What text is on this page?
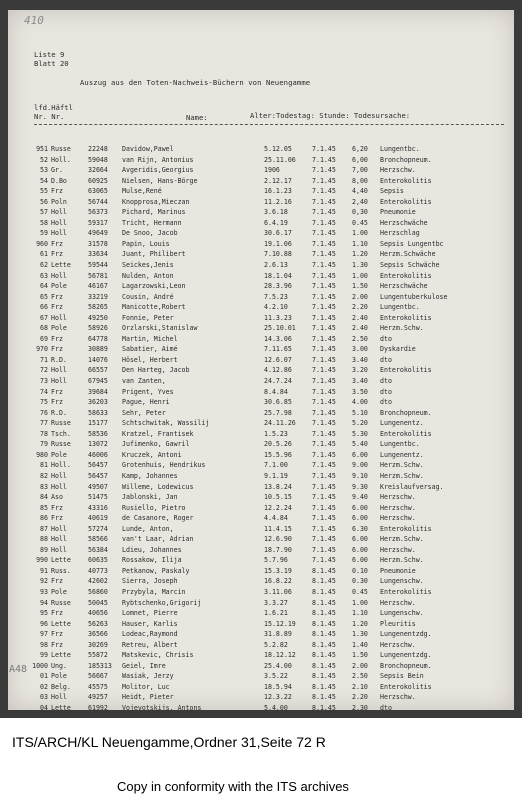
410
A48
Liste 9
Blatt 20
Auszug aus den Toten-Nachweis-Büchern von Neuengamme
lfd.Häftl
Nr. Nr.	Name:	Alter:Todestag: Stunde: Todesursache:
951 Russe	22248 Davidow,Pawel	5.12.05	7.1.45 6,20 Lungentbc.
52 Holl.	59048 van Rijn, Antonius	25.11.06 7.1.45 6,00 Bronchopneum.
53 Gr.	32664 Avgeridis,Georgius	1906	7.1.45 7,00 Herzschw.
54 D.Bo	60925 Nielsen, Hans-Börge	2.12.17	7.1.45 8,00 Enterokolitis
55 Frz	63065 Mulse,René	16.1.23	7.1.45 4,40 Sepsis
56 Poln	56744 Knopprosa,Mieczan	11.2.16	7.1.45 2,40 Enterokolitis
57 Holl	56373 Pichard, Marinus	3.6.18	7.1.45 0,30 Pneumonie
58 Holl	59317 Tricht, Hermann	6.4.19	7.1.45 0.45 Herzschwäche
59 Holl	49649 De Snoo, Jacob	30.6.17	7.1.45 1.00 Herzschlag
960 Frz	31578 Papin, Louis	19.1.06	7.1.45 1.10 Sepsis Lungentbc
61 Frz	33634 Juant, Philibert	7.10.88	7.1.45 1.20 Herzm.Schwäche
62 Lette	59544 Seickes,Jenis	2.6.13	7.1.45 1.30 Sepsis Schwäche
63 Holl	56781 Nulden, Anton	18.1.04	7.1.45 1.00 Enterokolitis
64 Pole	46167 Lagarzowski,Leon	28.3.96	7.1.45 1.50 Herzschwäche
65 Frz	33219 Cousin, André	7.5.23	7.1.45 2.00 Lungentuberkulose
66 Frz	58265 Manicotte,Robert	4.2.10	7.1.45 2.20 Lungentbc.
67 Holl	49250 Fonnie, Peter	11.3.23	7.1.45 2.40 Enterokolitis
68 Pole	58926 Orzlarski,Stanislaw	25.10.01 7.1.45 2.40 Herzm.Schw.
69 Frz	64778 Martin, Michel	14.3.06	7.1.45 2.50 dto
970 Frz	30889 Sabatier, Aimé	7.11.65	7.1.45 3.00 Dyskardie
71 R.D.	14076 Hösel, Herbert	12.6.07	7.1.45 3.40 dto
72 Holl	66557 Den Harteg, Jacob	4.12.86	7.1.45 3.20 Enterokolitis
73 Holl	67945 van Zanten,	24.7.24	7.1.45 3.40 dto
74 Frz	39684 Prigent, Yves	8.4.84	7.1.45 3.50 dto
75 Frz	36203 Pague, Henri	30.6.85	7.1.45 4.00 dto
76 R.D.	58633 Sehr, Peter	25.7.98	7.1.45 5.10 Bronchopneum.
77 Russe	15177 Schtschwitak, Wassilij	24.11.26 7.1.45 5.20 Lungenentz.
78 Tsch.	58536 Kratzel, Frantisek	1.5.23	7.1.45 5.30 Enterokolitis
79 Russe	13072 Jufimenko, Gawril	20.5.26	7.1.45 5.40 Lungentbc.
980 Pole	46006 Kruczek, Antoni	15.5.96	7.1.45 6.00 Lungenentz.
81 Holl.	56457 Grotenhuis, Hendrikus	7.1.00	7.1.45 9.00 Herzm.Schw.
82 Holl	56457 Kamp, Johannes	9.1.19	7.1.45 9.10 Herzm.Schw.
83 Holl	49507 Willeme, Lodewicus	13.8.24	7.1.45 9.30 Kreislaufversag.
84 Aso	51475 Jablonski, Jan	10.5.15	7.1.45 9.40 Herzschw.
85 Frz	43316 Rusiello, Pietro	12.2.24	7.1.45 6.00 Herzschw.
86 Frz	40619 de Casanore, Roger	4.4.84	7.1.45 6.00 Herzschw.
87 Holl	57274 Lunde, Anton,	11.4.15	7.1.45 6.30 Enterokolitis
88 Holl	58566 van't Laar, Adrian	12.6.90	7.1.45 6.00 Herzm.Schw.
89 Holl	56384 Ldieu, Johannes	18.7.90	7.1.45 6.00 Herzschw.
990 Lette	60635 Rossakow, Ilija	5.7.96	7.1.45 6.00 Herzm.Schw.
91 Russ.	40773 Petkanow, Paskaly	15.3.19	8.1.45 0.10 Pneumonie
92 Frz	42602 Sierra, Joseph	16.8.22	8.1.45 0.30 Lungenschw.
93 Pole	56860 Przybyla, Marcin	3.11.06	8.1.45 0.45 Enterokolitis
94 Russe	50045 Rybtschenko,Grigorij	3.3.27	8.1.45 1.00 Herzschw.
95 Frz	40656 Lomnet, Pierre	1.6.21	8.1.45 1.10 Lungenschw.
96 Lette	56263 Hauser, Karlis	15.12.19 8.1.45 1.20 Pleuritis
97 Frz	36566 Lodeac,Raymond	31.8.89	8.1.45 1.30 Lungenentzdg.
98 Frz	30269 Retreu, Albert	5.2.82	8.1.45 1.40 Herzschw.
99 Lette	55872 Matskevic, Chrisis	18.12.12 8.1.45 1.50 Lungenentzdg.
1000 Ung.	185313 Geiel, Imre	25.4.00	8.1.45 2.00 Bronchopneum.
01 Pole	56667 Wasiak, Jerzy	3.5.22	8.1.45 2.50 Sepsis Bein
02 Belg.	45575 Molitor, Luc	18.5.94	8.1.45 2.10 Enterokolitis
03 Holl	49257 Heidt, Pieter	12.3.22	8.1.45 2.20 Herzschw.
04 Lette	61992 Vojevotskijs, Antons	5.4.00	8.1.45 2.30 dto
ITS/ARCH/KL Neuengamme,Ordner 31,Seite 72 R
Copy in conformity with the ITS archives
